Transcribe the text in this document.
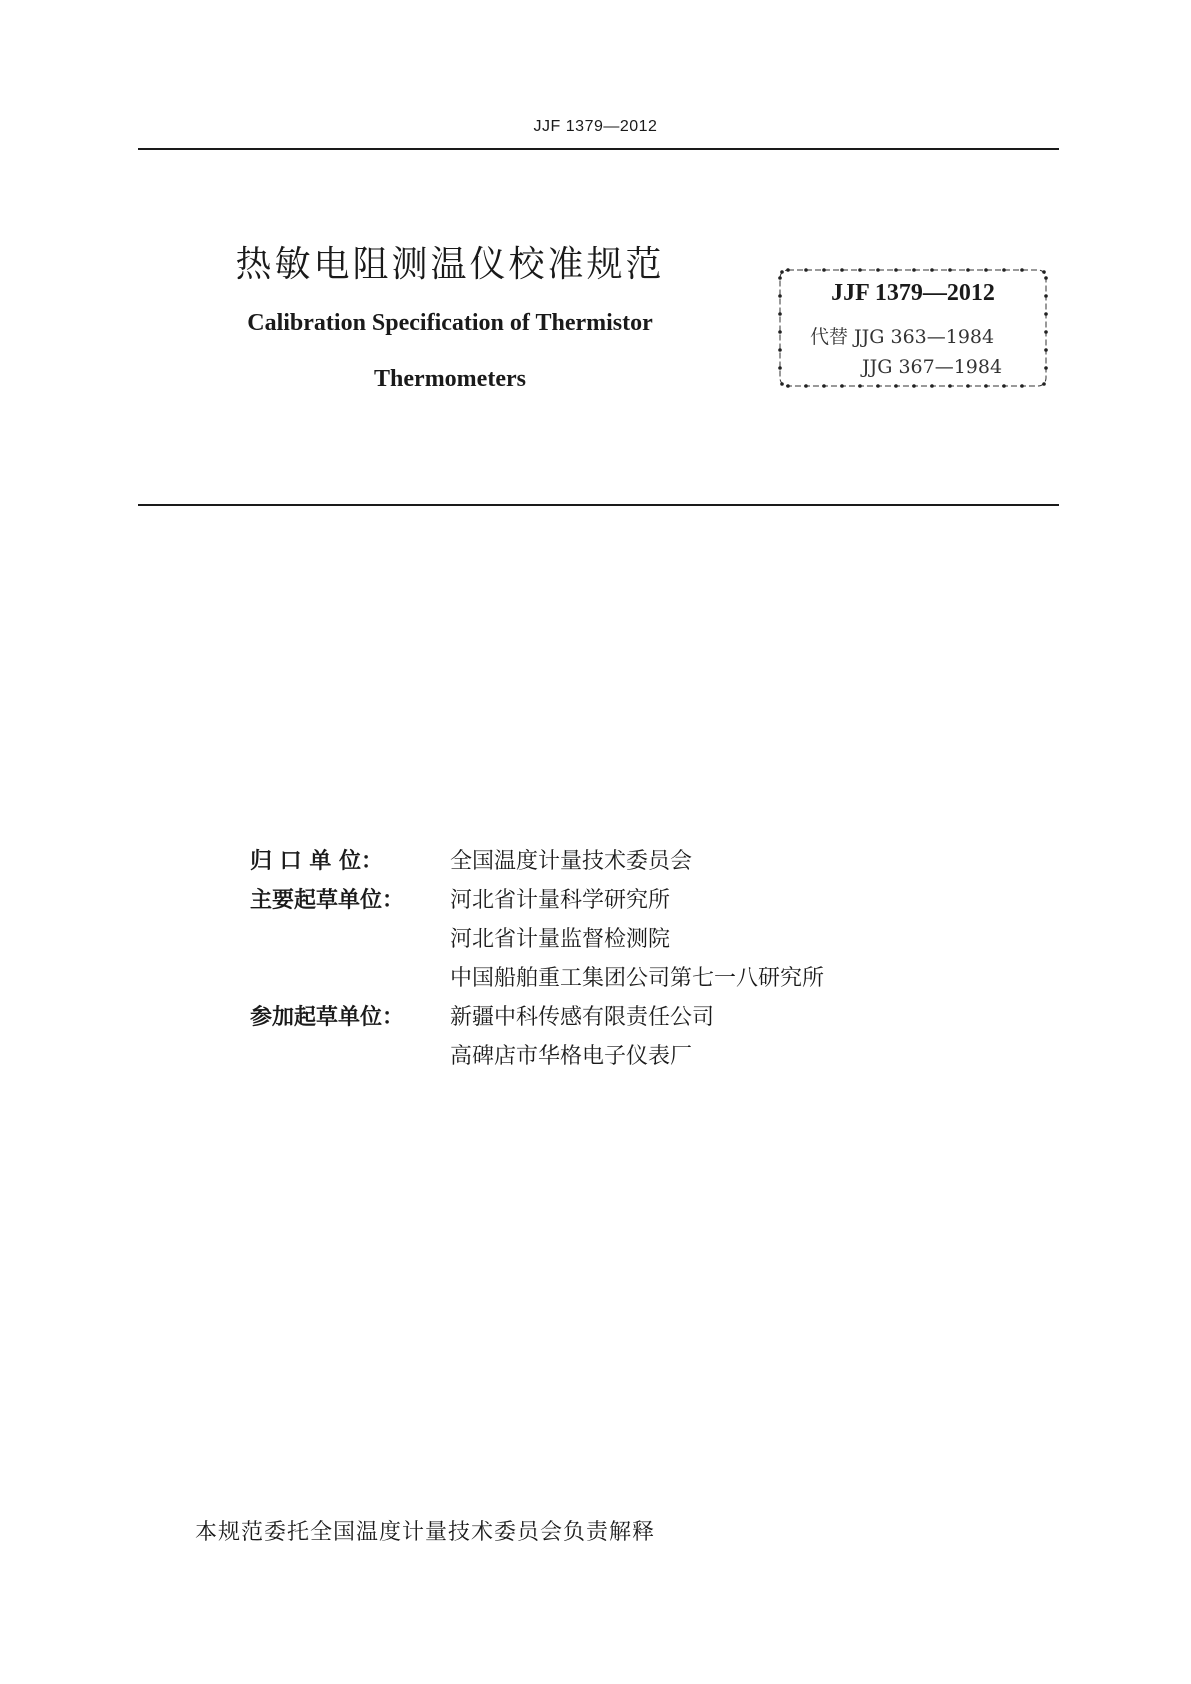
JJF 1379—2012
热敏电阻测温仪校准规范
Calibration Specification of Thermistor
Thermometers
JJF 1379—2012
代替 JJG 363—1984
JJG 367—1984
归 口 单 位：	全国温度计量技术委员会
主要起草单位：	河北省计量科学研究所
河北省计量监督检测院
中国船舶重工集团公司第七一八研究所
参加起草单位：	新疆中科传感有限责任公司
高碑店市华格电子仪表厂
本规范委托全国温度计量技术委员会负责解释
